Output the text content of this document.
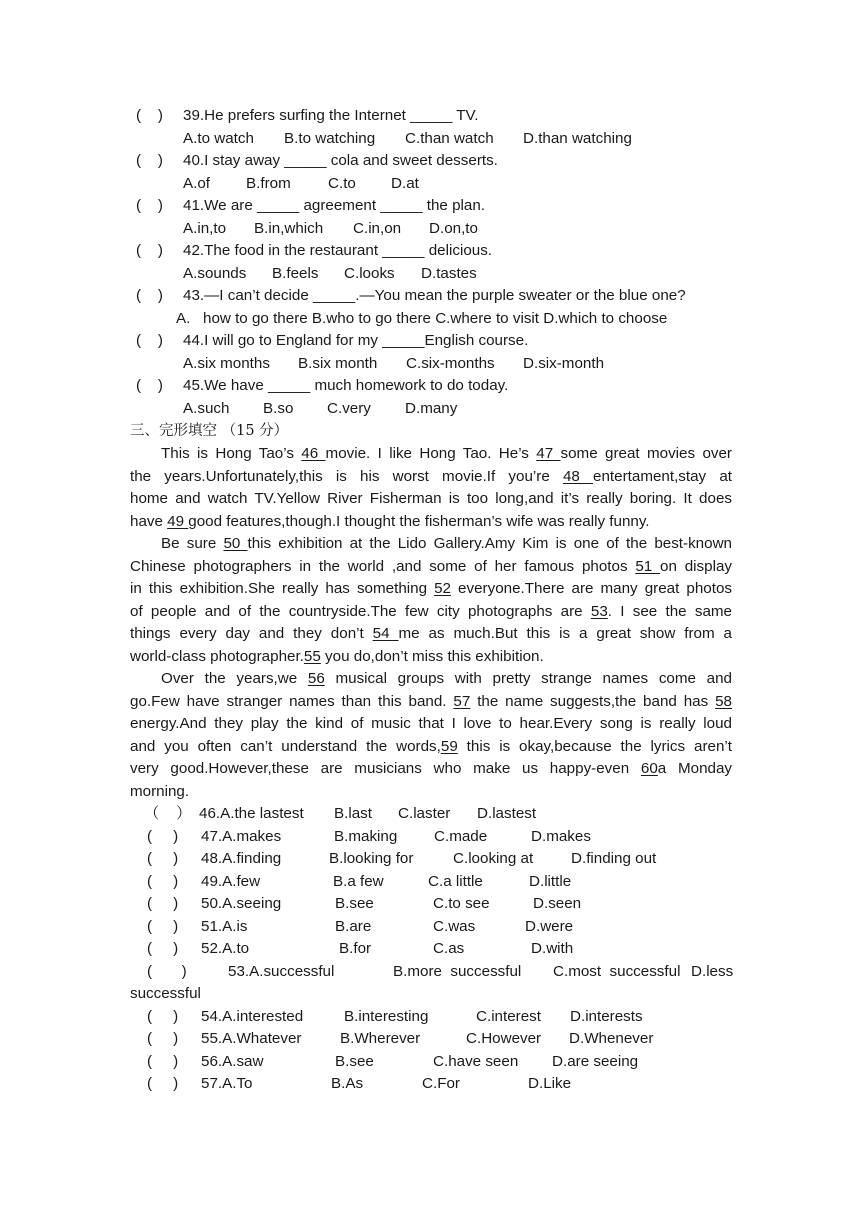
(    ) 39.He prefers surfing the Internet _____ TV.
A.to watch B.to watching C.than watch D.than watching
(    ) 40.I stay away _____ cola and sweet desserts.
A.of B.from C.to D.at
(    ) 41.We are _____ agreement _____ the plan.
A.in,to B.in,which C.in,on D.on,to
(    ) 42.The food in the restaurant _____ delicious.
A.sounds B.feels C.looks D.tastes
(    ) 43.—I can’t decide _____.—You mean the purple sweater or the blue one?
A.   how to go there B.who to go there C.where to visit D.which to choose
(    ) 44.I will go to England for my _____English course.
A.six months B.six month C.six-months D.six-month
(    ) 45.We have _____ much homework to do today.
A.such B.so C.very D.many
三、完形填空 （15 分）
This is Hong Tao’s 46 movie. I like Hong Tao. He’s 47 some great movies over
the years.Unfortunately,this is his worst movie.If you’re 48 entertament,stay at
home and watch TV.Yellow River Fisherman is too long,and it’s really boring. It does
have 49 good features,though.I thought the fisherman’s wife was really funny.
Be sure 50 this exhibition at the Lido Gallery.Amy Kim is one of the best-known
Chinese photographers in the world ,and some of her famous photos 51 on display
in this exhibition.She really has something 52 everyone.There are many great photos
of people and of the countryside.The few city photographs are 53. I see the same
things every day and they don’t 54 me as much.But this is a great show from a
world-class photographer.55 you do,don’t miss this exhibition.
Over the years,we 56 musical groups with pretty strange names come and
go.Few have stranger names than this band. 57 the name suggests,the band has 58
energy.And they play the kind of music that I love to hear.Every song is really loud
and you often can’t understand the words,59 this is okay,because the lyrics aren’t
very good.However,these are musicians who make us happy-even 60a Monday
morning.
（    ） 46.A.the lastest B.last C.laster D.lastest
(     ) 47.A.makes	B.making C.made	D.makes
(     ) 48.A.finding	B.looking for	C.looking at D.finding out
(     ) 49.A.few	B.a few	C.a little	D.little
(     ) 50.A.seeing	B.see	C.to see	D.seen
(     ) 51.A.is	B.are	C.was	D.were
(     ) 52.A.to	B.for	C.as	D.with
(       )	53.A.successful	B.more  successful C.most  successful D.less
successful
(     ) 54.A.interested	B.interesting	C.interest D.interests
(     ) 55.A.Whatever	B.Wherever	C.However D.Whenever
(     ) 56.A.saw	B.see	C.have seen D.are seeing
(     ) 57.A.To	B.As	C.For	D.Like
